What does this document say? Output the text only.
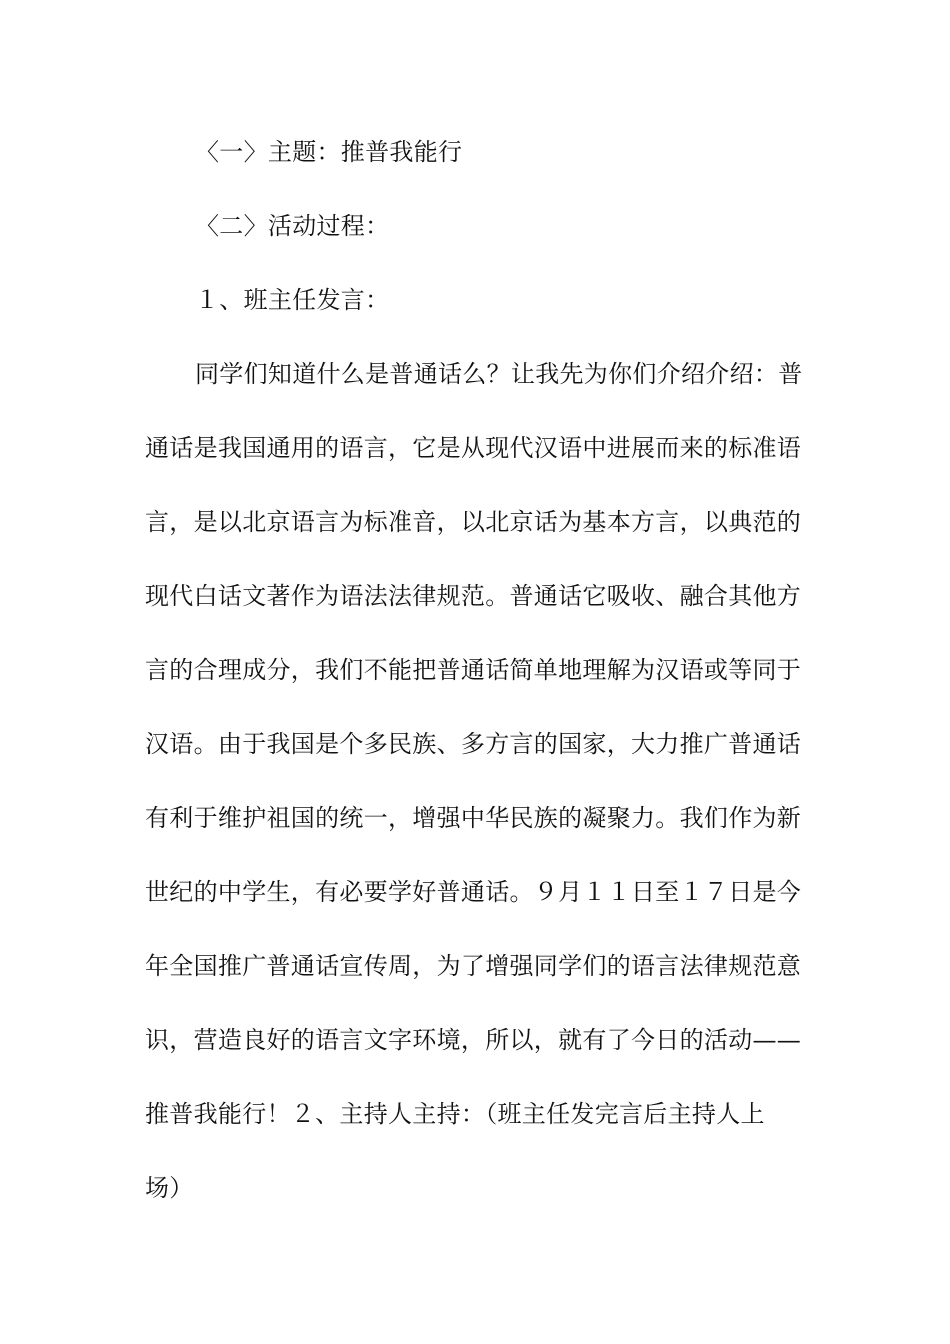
〈一〉主题：推普我能行
〈二〉活动过程：
１、班主任发言：
同学们知道什么是普通话么？让我先为你们介绍介绍：普
通话是我国通用的语言，它是从现代汉语中进展而来的标准语
言，是以北京语言为标准音，以北京话为基本方言，以典范的
现代白话文著作为语法法律规范。普通话它吸收、融合其他方
言的合理成分，我们不能把普通话简单地理解为汉语或等同于
汉语。由于我国是个多民族、多方言的国家，大力推广普通话
有利于维护祖国的统一，增强中华民族的凝聚力。我们作为新
世纪的中学生，有必要学好普通话。９月１１日至１７日是今
年全国推广普通话宣传周，为了增强同学们的语言法律规范意
识，营造良好的语言文字环境，所以，就有了今日的活动——
推普我能行！２、主持人主持：（班主任发完言后主持人上
场）
